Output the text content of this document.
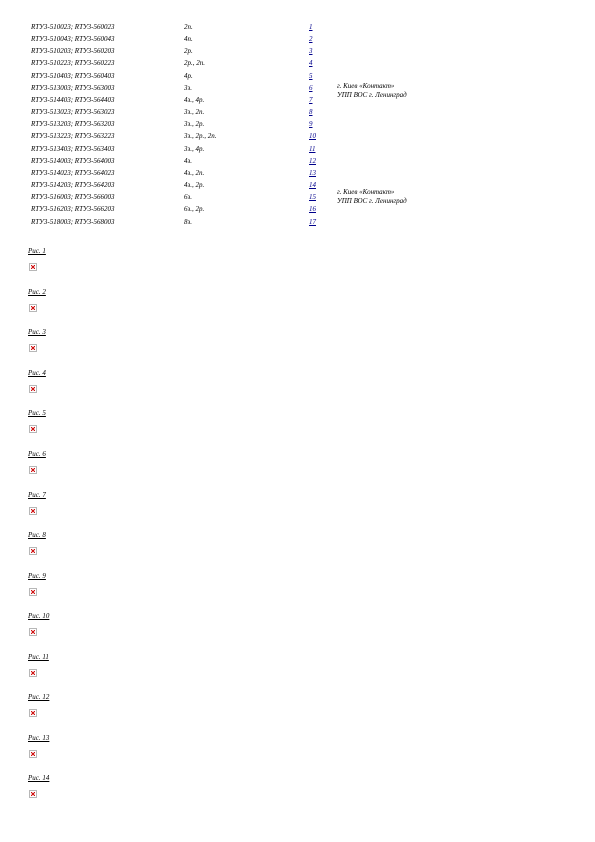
RTУ3-510023; RTУ3-560023	2п.	1	
RTУ3-510043; RTУ3-560043	4п.	2	
RTУ3-510203; RTУ3-560203	2р.	3	
RTУ3-510223; RTУ3-560223	2р., 2п.	4	
RTУ3-510403; RTУ3-560403	4р.	5	
RTУ3-513003; RTУ3-563003	3з.	6	
RTУ3-514403; RTУ3-564403	4з., 4р.	7	
RTУ3-513023; RTУ3-563023	3з., 2п.	8	
RTУ3-513203; RTУ3-563203	3з., 2р.	9	
RTУ3-513223; RTУ3-563223	3з., 2р., 2п.	10	
RTУ3-513403; RTУ3-563403	3з., 4р.	11	
RTУ3-514003; RTУ3-564003	4з.	12	
RTУ3-514023; RTУ3-564023	4з., 2п.	13	
RTУ3-514203; RTУ3-564203	4з., 2р.	14	
RTУ3-516003; RTУ3-566003	6з.	15	
RTУ3-516203; RTУ3-566203	6з., 2р.	16	
RTУ3-518003; RTУ3-568003	8з.	17	
г. Киев «Контакт»
УПП ВОС г. Ленинград
г. Киев «Контакт»
УПП ВОС г. Ленинград
Рис. 1
Рис. 2
Рис. 3
Рис. 4
Рис. 5
Рис. 6
Рис. 7
Рис. 8
Рис. 9
Рис. 10
Рис. 11
Рис. 12
Рис. 13
Рис. 14
